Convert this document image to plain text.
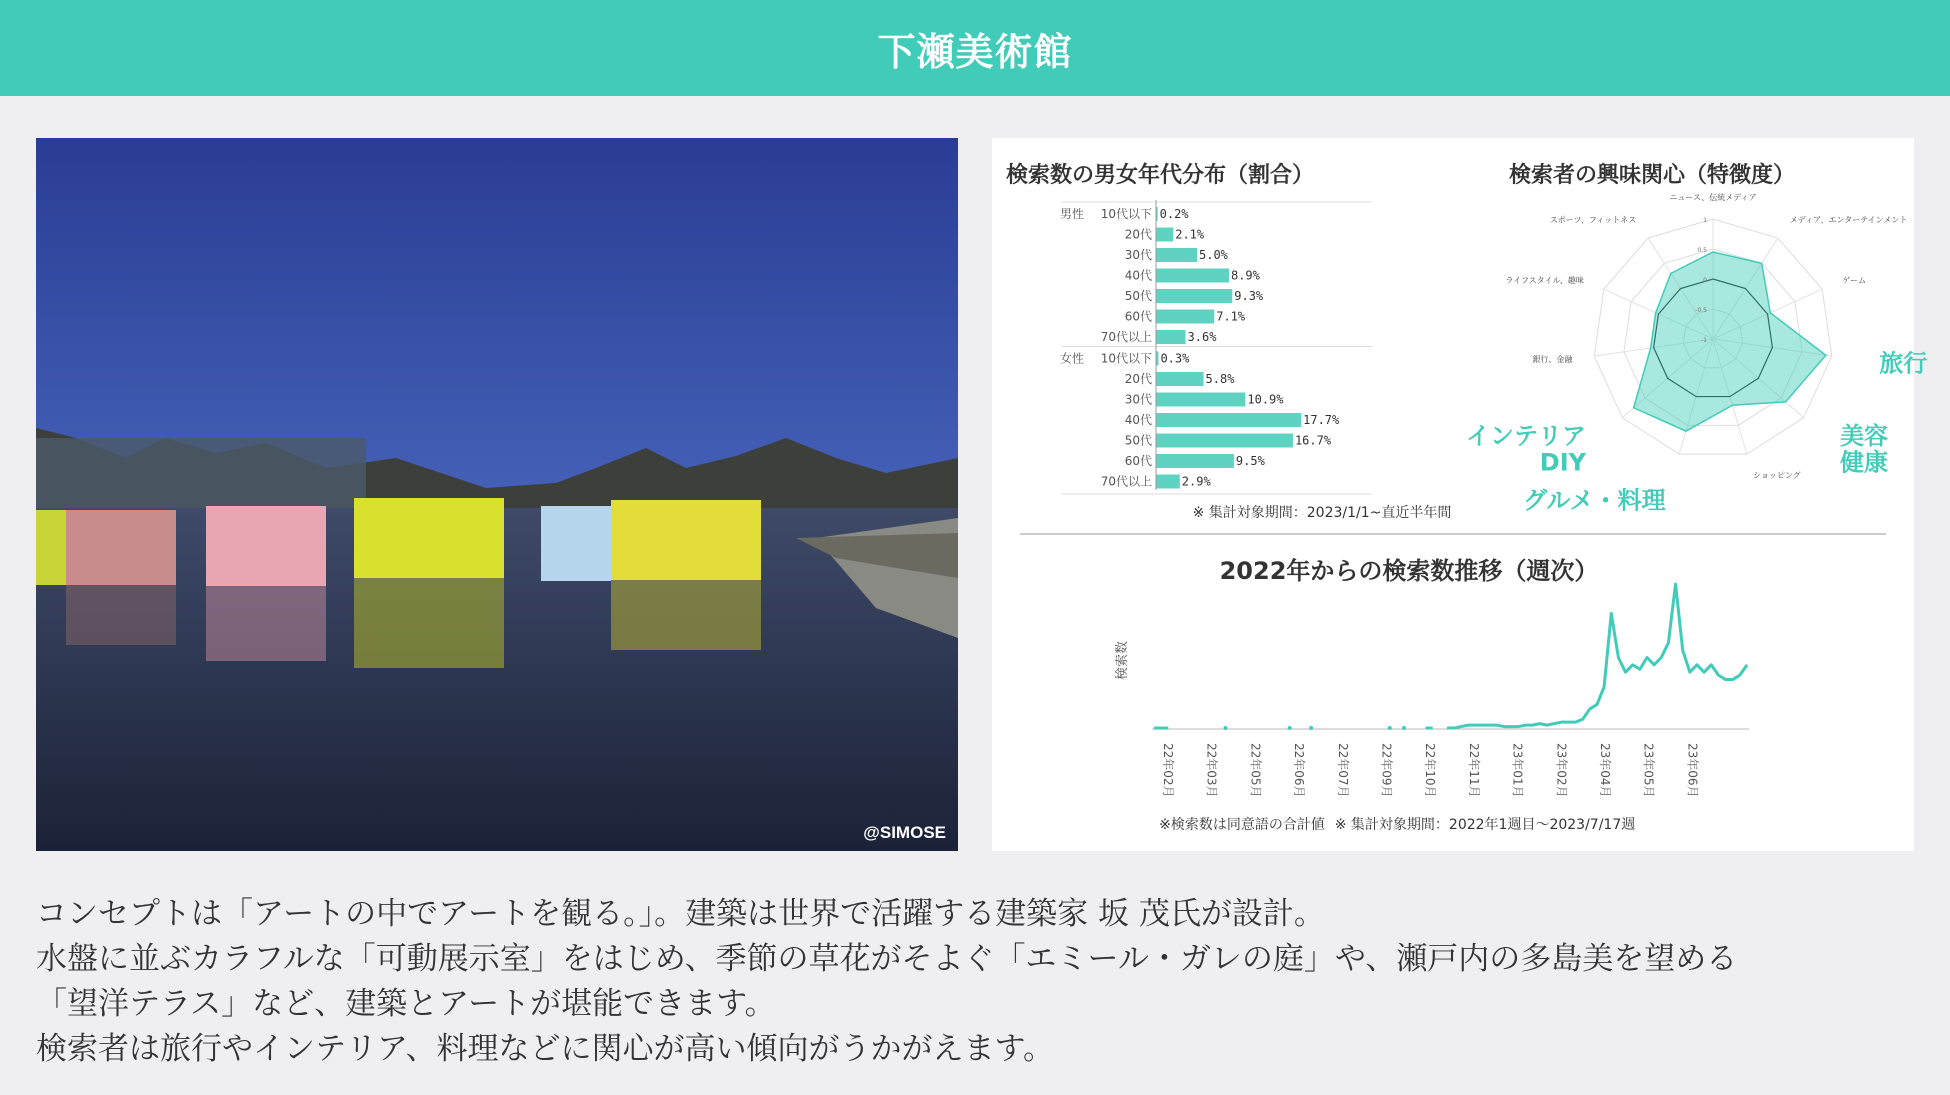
下瀬美術館
@SIMOSE
検索数の男女年代分布（割合）
男性 10代以下 0.2%
20代 2.1%
30代	5.0%
40代	8.9%
50代	9.3%
60代	7.1%
70代以上	3.6%
女性 10代以下 0.3%
20代	5.8%
30代	10.9%
40代	17.7%
50代	16.7%
60代	9.5%
70代以上 2.9%
※ 集計対象期間：2023/1/1~直近半年間
検索者の興味関心（特徴度）
1
0.5
0
-0.5
-1
ニュース、伝統メディア
メディア、エンターテインメント
ゲーム
旅行
美容
健康
ショッピング
グルメ・料理
インテリア
DIY
銀行、金融
ライフスタイル、趣味
スポーツ、フィットネス
2022年からの検索数推移（週次）
検索数
22年02月 22年03月 22年05月 22年06月 22年07月 22年09月 22年10月 22年11月 23年01月 23年02月 23年04月 23年05月 23年06月
※検索数は同意語の合計値 ※ 集計対象期間：2022年1週目〜2023/7/17週

コンセプトは「アートの中でアートを観る。」。建築は世界で活躍する建築家 坂 茂氏が設計。

水盤に並ぶカラフルな「可動展示室」をはじめ、季節の草花がそよぐ「エミール・ガレの庭」や、瀬戸内の多島美を望める

「望洋テラス」など、建築とアートが堪能できます。

検索者は旅行やインテリア、料理などに関心が高い傾向がうかがえます。
